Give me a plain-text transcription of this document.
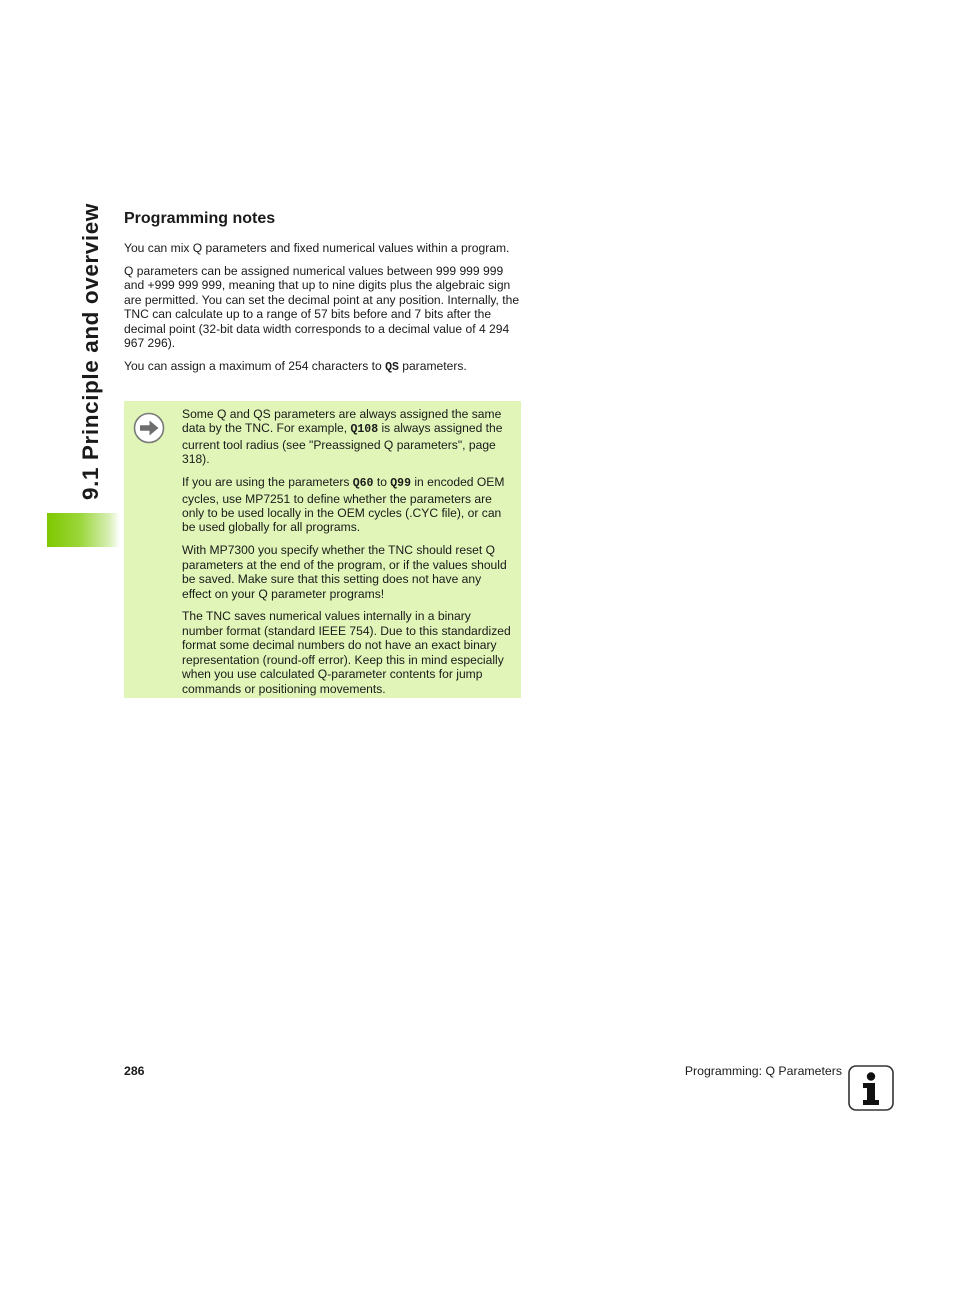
9.1 Principle and overview Programming notes

You can mix Q parameters and fixed numerical values within a program.

Q parameters can be assigned numerical values between 999 999 999 and +999 999 999, meaning that up to nine digits plus the algebraic sign are permitted. You can set the decimal point at any position. Internally, the TNC can calculate up to a range of 57 bits before and 7 bits after the decimal point (32-bit data width corresponds to a decimal value of 4 294 967 296).

You can assign a maximum of 254 characters to QS parameters.

Some Q and QS parameters are always assigned the same data by the TNC. For example, Q108 is always assigned the current tool radius (see "Preassigned Q parameters", page 318).

If you are using the parameters Q60 to Q99 in encoded OEM cycles, use MP7251 to define whether the parameters are only to be used locally in the OEM cycles (.CYC file), or can be used globally for all programs.

With MP7300 you specify whether the TNC should reset Q parameters at the end of the program, or if the values should be saved. Make sure that this setting does not have any effect on your Q parameter programs!

The TNC saves numerical values internally in a binary number format (standard IEEE 754). Due to this standardized format some decimal numbers do not have an exact binary representation (round-off error). Keep this in mind especially when you use calculated Q-parameter contents for jump commands or positioning movements.

286	Programming: Q Parameters
